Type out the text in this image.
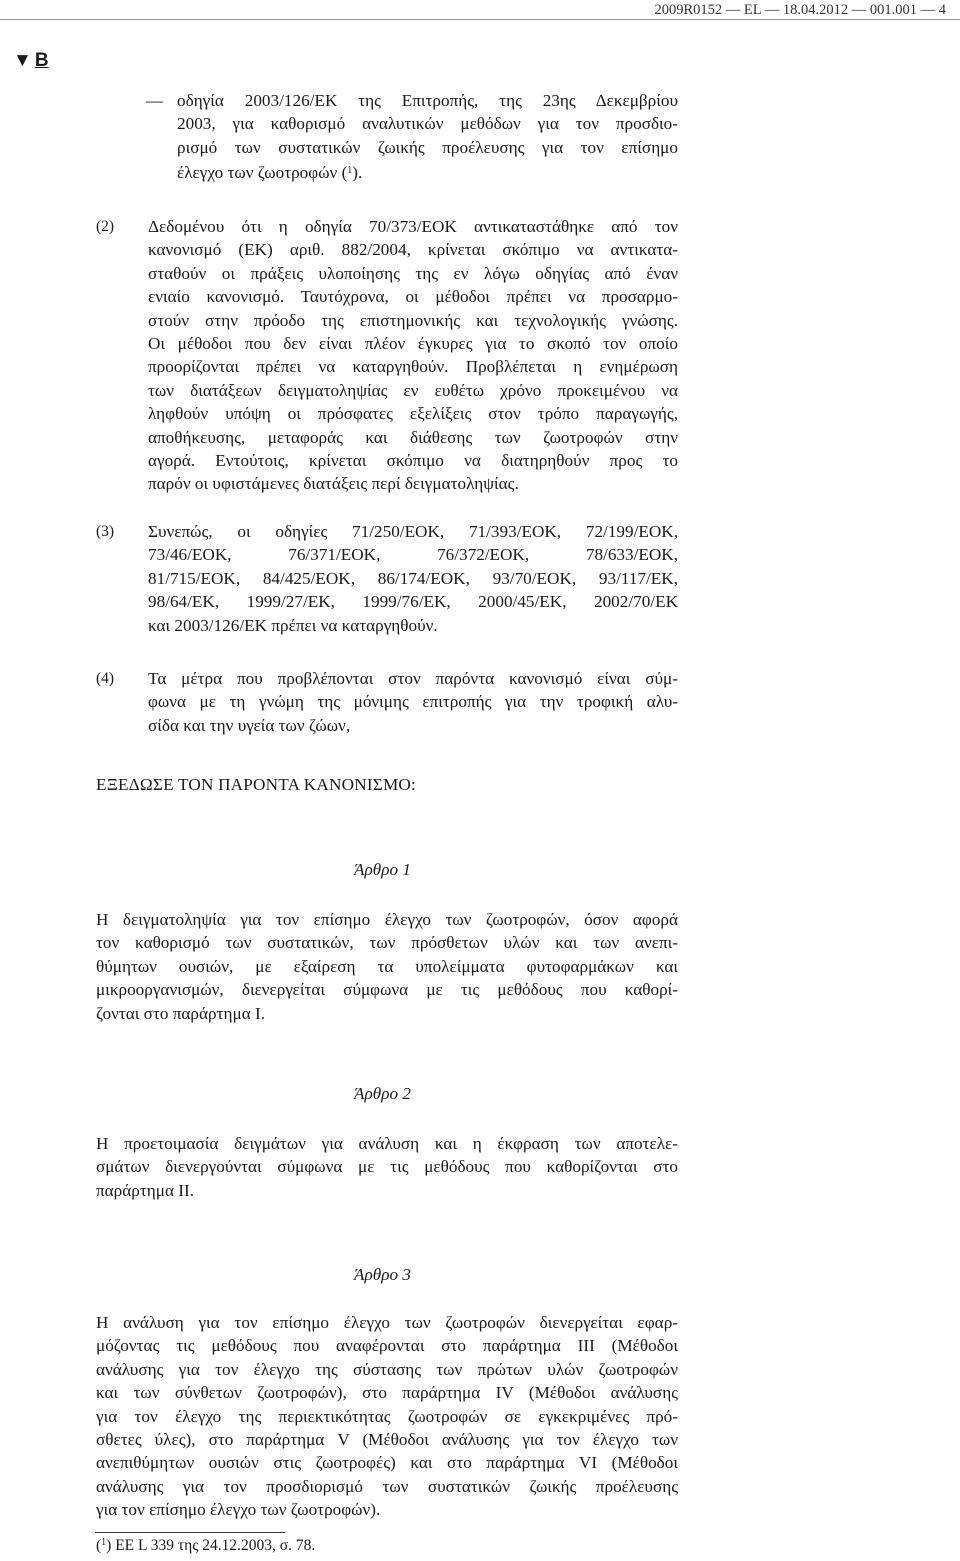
2009R0152 — EL — 18.04.2012 — 001.001 — 4
▼ B
— οδηγία 2003/126/ΕΚ της Επιτροπής, της 23ης Δεκεμβρίου
2003, για καθορισμό αναλυτικών μεθόδων για τον προσδιο-
ρισμό των συστατικών ζωικής προέλευσης για τον επίσημο
έλεγχο των ζωοτροφών ($^1$).
(2) Δεδομένου ότι η οδηγία 70/373/ΕΟΚ αντικαταστάθηκε από τον
κανονισμό (ΕΚ) αριθ. 882/2004, κρίνεται σκόπιμο να αντικατα-
σταθούν οι πράξεις υλοποίησης της εν λόγω οδηγίας από έναν
ενιαίο κανονισμό. Ταυτόχρονα, οι μέθοδοι πρέπει να προσαρμο-
στούν στην πρόοδο της επιστημονικής και τεχνολογικής γνώσης.
Οι μέθοδοι που δεν είναι πλέον έγκυρες για το σκοπό τον οποίο
προορίζονται πρέπει να καταργηθούν. Προβλέπεται η ενημέρωση
των διατάξεων δειγματοληψίας εν ευθέτω χρόνο προκειμένου να
ληφθούν υπόψη οι πρόσφατες εξελίξεις στον τρόπο παραγωγής,
αποθήκευσης, μεταφοράς και διάθεσης των ζωοτροφών στην
αγορά. Εντούτοις, κρίνεται σκόπιμο να διατηρηθούν προς το
παρόν οι υφιστάμενες διατάξεις περί δειγματοληψίας.
(3) Συνεπώς, οι οδηγίες 71/250/ΕΟΚ, 71/393/ΕΟΚ, 72/199/ΕΟΚ,
73/46/ΕΟΚ, 76/371/ΕΟΚ, 76/372/ΕΟΚ, 78/633/ΕΟΚ,
81/715/ΕΟΚ, 84/425/ΕΟΚ, 86/174/ΕΟΚ, 93/70/ΕΟΚ, 93/117/ΕΚ,
98/64/ΕΚ, 1999/27/ΕΚ, 1999/76/ΕΚ, 2000/45/ΕΚ, 2002/70/ΕΚ
και 2003/126/ΕΚ πρέπει να καταργηθούν.
(4) Τα μέτρα που προβλέπονται στον παρόντα κανονισμό είναι σύμ-
φωνα με τη γνώμη της μόνιμης επιτροπής για την τροφική αλυ-
σίδα και την υγεία των ζώων,
ΕΞΕΔΩΣΕ ΤΟΝ ΠΑΡΟΝΤΑ ΚΑΝΟΝΙΣΜΟ:
Άρθρο 1
Η δειγματοληψία για τον επίσημο έλεγχο των ζωοτροφών, όσον αφορά
τον καθορισμό των συστατικών, των πρόσθετων υλών και των ανεπι-
θύμητων ουσιών, με εξαίρεση τα υπολείμματα φυτοφαρμάκων και
μικροοργανισμών, διενεργείται σύμφωνα με τις μεθόδους που καθορί-
ζονται στο παράρτημα I.
Άρθρο 2
Η προετοιμασία δειγμάτων για ανάλυση και η έκφραση των αποτελε-
σμάτων διενεργούνται σύμφωνα με τις μεθόδους που καθορίζονται στο
παράρτημα II.
Άρθρο 3
Η ανάλυση για τον επίσημο έλεγχο των ζωοτροφών διενεργείται εφαρ-
μόζοντας τις μεθόδους που αναφέρονται στο παράρτημα III (Μέθοδοι
ανάλυσης για τον έλεγχο της σύστασης των πρώτων υλών ζωοτροφών
και των σύνθετων ζωοτροφών), στο παράρτημα IV (Μέθοδοι ανάλυσης
για τον έλεγχο της περιεκτικότητας ζωοτροφών σε εγκεκριμένες πρό-
σθετες ύλες), στο παράρτημα V (Μέθοδοι ανάλυσης για τον έλεγχο των
ανεπιθύμητων ουσιών στις ζωοτροφές) και στο παράρτημα VI (Μέθοδοι
ανάλυσης για τον προσδιορισμό των συστατικών ζωικής προέλευσης
για τον επίσημο έλεγχο των ζωοτροφών).
($^1$) ΕΕ L 339 της 24.12.2003, σ. 78.
